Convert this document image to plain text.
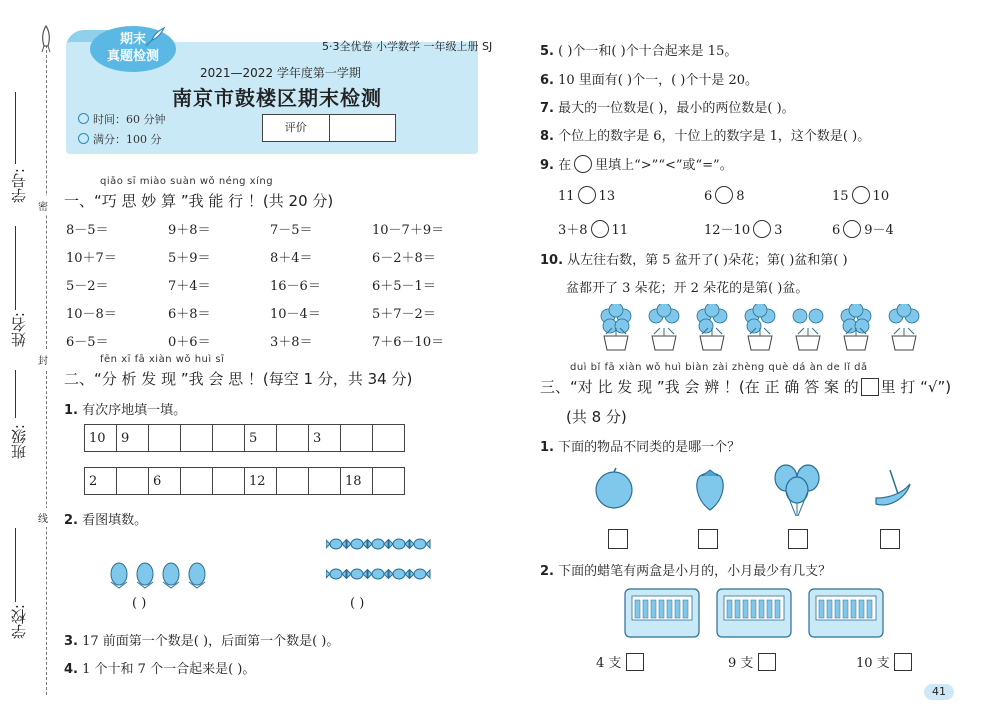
学号:
密
姓名:
封
班级:
线
学校:
期末
真题检测
5·3全优卷 小学数学 一年级上册 SJ
2021—2022 学年度第一学期
南京市鼓楼区期末检测
时间：60 分钟
满分：100 分
评价
qiǎo sī miào suàn wǒ néng xíng
一、“巧 思 妙 算 ”我 能 行 ！(共 20 分)
8－5＝	9＋8＝	7－5＝	10－7＋9＝
10＋7＝	5＋9＝	8＋4＝	6－2＋8＝
5－2＝	7＋4＝	16－6＝	6＋5－1＝
10－8＝	6＋8＝	10－4＝	5＋7－2＝
6－5＝	0＋6＝	3＋8＝	7＋6－10＝
fēn xī fā xiàn wǒ huì sī
二、“分 析 发 现 ”我 会 思 ！(每空 1 分，共 34 分)
1. 有次序地填一填。
10	9				5		3		
2		6			12			18	
2. 看图填数。
( )	( )
3. 17 前面第一个数是( )，后面第一个数是( )。
4. 1 个十和 7 个一合起来是( )。
5. ( )个一和( )个十合起来是 15。
6. 10 里面有( )个一，( )个十是 20。
7. 最大的一位数是( )，最小的两位数是( )。
8. 个位上的数字是 6，十位上的数字是 1，这个数是( )。
9. 在 里填上“>”“<”或“=”。
11 13	6 8	15 10
3＋8 11	12－10 3	6 9－4
10. 从左往右数，第 5 盆开了( )朵花；第( )盆和第( )
盆都开了 3 朵花；开 2 朵花的是第( )盆。
duì bǐ fā xiàn wǒ huì biàn zài zhèng què dá àn de lǐ dǎ
三、“对 比 发 现 ”我 会 辨 ！(在 正 确 答 案 的 里 打 “√”)
(共 8 分)
1. 下面的物品不同类的是哪一个？
2. 下面的蜡笔有两盒是小月的，小月最少有几支？
4 支	9 支	10 支
41
